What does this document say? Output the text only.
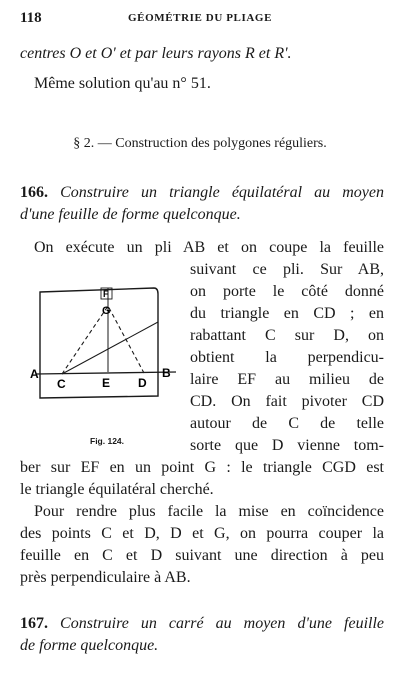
118	GÉOMÉTRIE DU PLIAGE
centres O et O' et par leurs rayons R et R'.
Même solution qu'au n° 51.
§ 2. — Construction des polygones réguliers.
166. Construire un triangle équilatéral au moyen
d'une feuille de forme quelconque.
On exécute un pli AB et on coupe la feuille
suivant ce pli. Sur AB,
on porte le côté donné
du triangle en CD ; en
rabattant C sur D, on
obtient la perpendicu-
laire EF au milieu de
CD. On fait pivoter CD
autour de C de telle
sorte que D vienne tom-
ber sur EF en un point G : le triangle CGD est
le triangle équilatéral cherché.
Pour rendre plus facile la mise en coïncidence
des points C et D, D et G, on pourra couper la
feuille en C et D suivant une direction à peu
près perpendiculaire à AB.
167. Construire un carré au moyen d'une feuille
de forme quelconque.
A	B
C	D
E
F
G
Fig. 124.
